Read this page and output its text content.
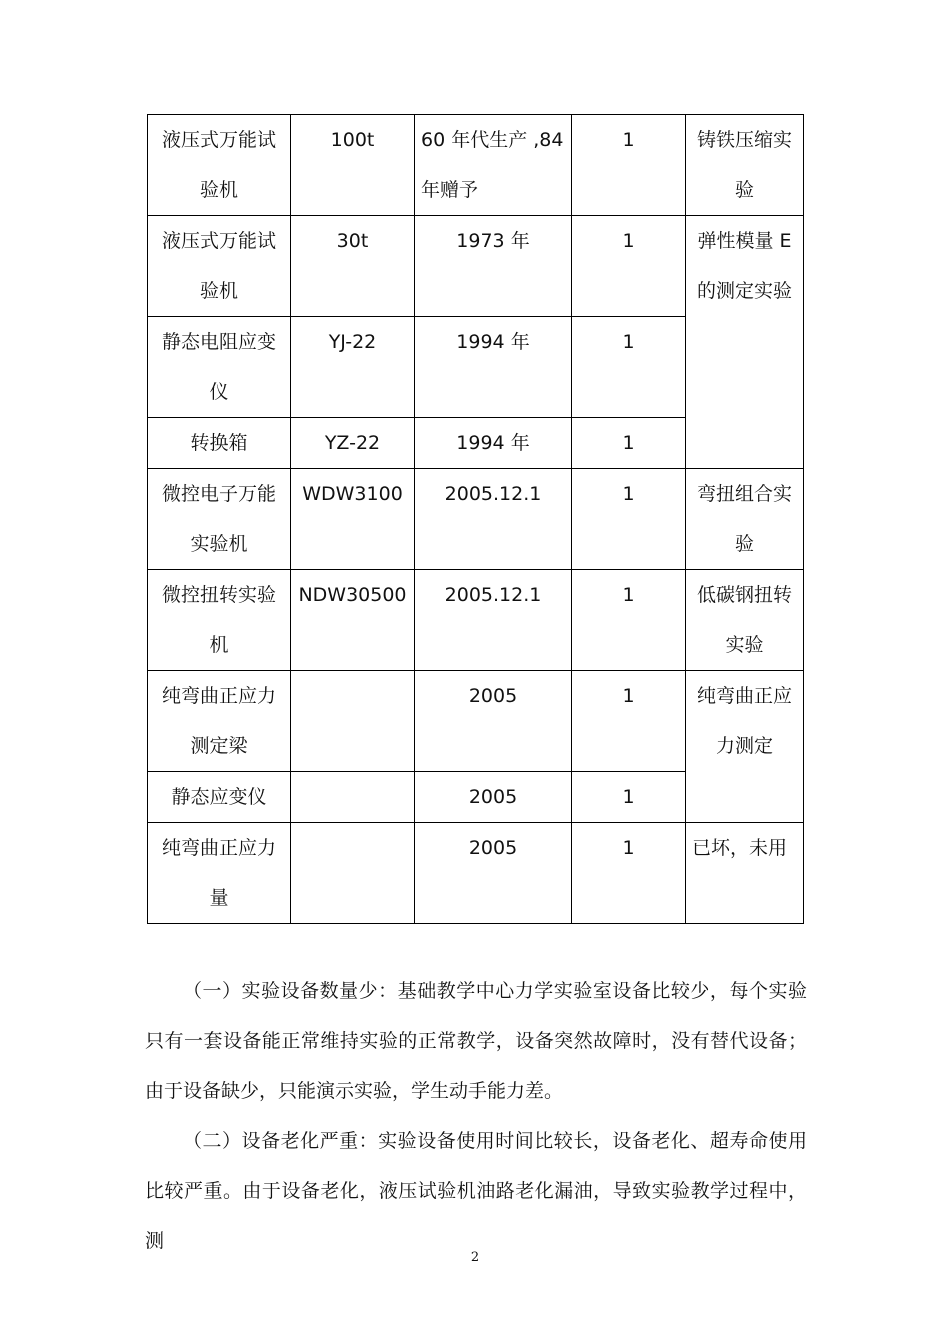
液压式万能试验机	100t	60 年代生产 ,84 年赠予	1	铸铁压缩实验
液压式万能试验机	30t	1973 年	1	弹性模量 E 的测定实验
静态电阻应变仪	YJ-22	1994 年	1	
转换箱	YZ-22	1994 年	1	
微控电子万能实验机	WDW3100	2005.12.1	1	弯扭组合实验
微控扭转实验机	NDW30500	2005.12.1	1	低碳钢扭转实验
纯弯曲正应力测定梁		2005	1	纯弯曲正应力测定
静态应变仪		2005	1	
纯弯曲正应力量		2005	1	已坏，未用

（一）实验设备数量少：基础教学中心力学实验室设备比较少，每个实验只有一套设备能正常维持实验的正常教学，设备突然故障时，没有替代设备；由于设备缺少，只能演示实验，学生动手能力差。

（二）设备老化严重：实验设备使用时间比较长，设备老化、超寿命使用比较严重。由于设备老化，液压试验机油路老化漏油，导致实验教学过程中，测

2
